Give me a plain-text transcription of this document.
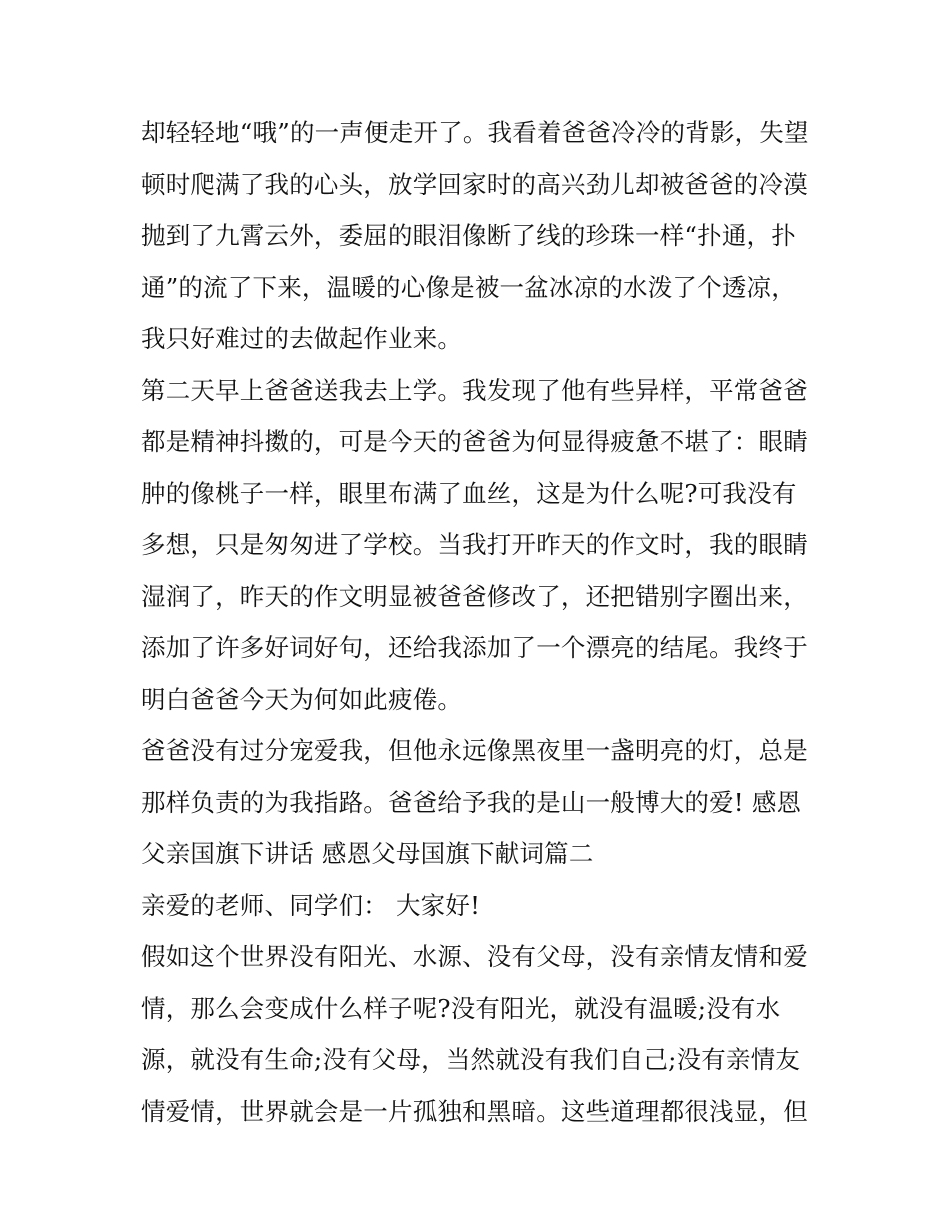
却轻轻地“哦”的一声便走开了。我看着爸爸冷冷的背影，失望
顿时爬满了我的心头，放学回家时的高兴劲儿却被爸爸的冷漠
抛到了九霄云外，委屈的眼泪像断了线的珍珠一样“扑通，扑
通”的流了下来，温暖的心像是被一盆冰凉的水泼了个透凉，
我只好难过的去做起作业来。
第二天早上爸爸送我去上学。我发现了他有些异样，平常爸爸
都是精神抖擞的，可是今天的爸爸为何显得疲惫不堪了：眼睛
肿的像桃子一样，眼里布满了血丝，这是为什么呢?可我没有
多想，只是匆匆进了学校。当我打开昨天的作文时，我的眼睛
湿润了，昨天的作文明显被爸爸修改了，还把错别字圈出来，
添加了许多好词好句，还给我添加了一个漂亮的结尾。我终于
明白爸爸今天为何如此疲倦。
爸爸没有过分宠爱我，但他永远像黑夜里一盏明亮的灯，总是
那样负责的为我指路。爸爸给予我的是山一般博大的爱! 感恩
父亲国旗下讲话 感恩父母国旗下献词篇二
亲爱的老师、同学们： 大家好!
假如这个世界没有阳光、水源、没有父母，没有亲情友情和爱
情，那么会变成什么样子呢?没有阳光，就没有温暖;没有水
源，就没有生命;没有父母，当然就没有我们自己;没有亲情友
情爱情，世界就会是一片孤独和黑暗。这些道理都很浅显，但
